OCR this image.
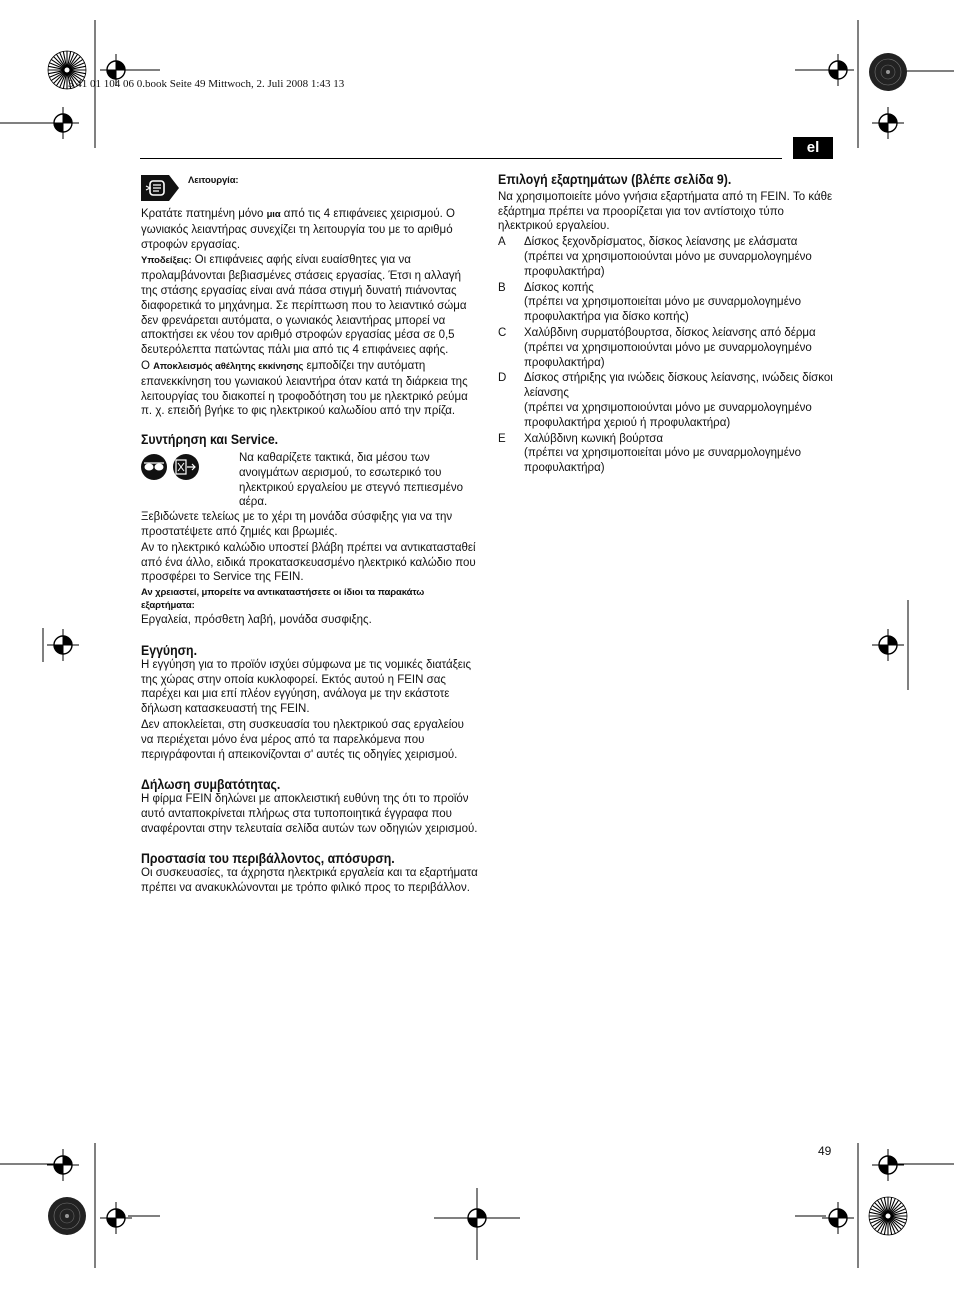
3 41 01 104 06 0.book Seite 49 Mittwoch, 2. Juli 2008 1:43 13
el
Λειτουργία:

Κρατάτε πατημένη μόνο μια από τις 4 επιφάνειες χειρισμού. Ο γωνιακός λειαντήρας συνεχίζει τη λειτουργία του με το αριθμό στροφών εργασίας.

Υποδείξεις: Οι επιφάνειες αφής είναι ευαίσθητες για να προλαμβάνονται βεβιασμένες στάσεις εργασίας. Έτσι η αλλαγή της στάσης εργασίας είναι ανά πάσα στιγμή δυνατή πιάνοντας διαφορετικά το μηχάνημα. Σε περίπτωση που το λειαντικό σώμα δεν φρενάρεται αυτόματα, ο γωνιακός λειαντήρας μπορεί να αποκτήσει εκ νέου τον αριθμό στροφών εργασίας μέσα σε 0,5 δευτερόλεπτα πατώντας πάλι μια από τις 4 επιφάνειες αφής.

Ο Αποκλεισμός αθέλητης εκκίνησης εμποδίζει την αυτόματη επανεκκίνηση του γωνιακού λειαντήρα όταν κατά τη διάρκεια της λειτουργίας του διακοπεί η τροφοδότηση του με ηλεκτρικό ρεύμα π. χ. επειδή βγήκε το φις ηλεκτρικού καλωδίου από την πρίζα.

Συντήρηση και Service.

Να καθαρίζετε τακτικά, δια μέσου των ανοιγμάτων αερισμού, το εσωτερικό του ηλεκτρικού εργαλείου με στεγνό πεπιεσμένο αέρα.

Ξεβιδώνετε τελείως με το χέρι τη μονάδα σύσφιξης για να την προστατέψετε από ζημιές και βρωμιές.

Αν το ηλεκτρικό καλώδιο υποστεί βλάβη πρέπει να αντικατασταθεί από ένα άλλο, ειδικά προκατασκευασμένο ηλεκτρικό καλώδιο που προσφέρει το Service της FEIN.

Αν χρειαστεί, μπορείτε να αντικαταστήσετε οι ίδιοι τα παρακάτω εξαρτήματα:

Εργαλεία, πρόσθετη λαβή, μονάδα συσφιξης.

Εγγύηση.

Η εγγύηση για το προϊόν ισχύει σύμφωνα με τις νομικές διατάξεις της χώρας στην οποία κυκλοφορεί. Εκτός αυτού η FEIN σας παρέχει και μια επί πλέον εγγύηση, ανάλογα με την εκάστοτε δήλωση κατασκευαστή της FEIN.

Δεν αποκλείεται, στη συσκευασία του ηλεκτρικού σας εργαλείου να περιέχεται μόνο ένα μέρος από τα παρελκόμενα που περιγράφονται ή απεικονίζονται σ' αυτές τις οδηγίες χειρισμού.

Δήλωση συμβατότητας.

Η φίρμα FEIN δηλώνει με αποκλειστική ευθύνη της ότι το προϊόν αυτό ανταποκρίνεται πλήρως στα τυποποιητικά έγγραφα που αναφέρονται στην τελευταία σελίδα αυτών των οδηγιών χειρισμού.

Προστασία του περιβάλλοντος, απόσυρση.

Οι συσκευασίες, τα άχρηστα ηλεκτρικά εργαλεία και τα εξαρτήματα πρέπει να ανακυκλώνονται με τρόπο φιλικό προς το περιβάλλον.

Επιλογή εξαρτημάτων (βλέπε σελίδα 9).

Να χρησιμοποιείτε μόνο γνήσια εξαρτήματα από τη FEIN. Το κάθε εξάρτημα πρέπει να προορίζεται για τον αντίστοιχο τύπο ηλεκτρικού εργαλείου.

A	Δίσκος ξεχονδρίσματος, δίσκος λείανσης με ελάσματα
(πρέπει να χρησιμοποιούνται μόνο με συναρμολογημένο προφυλακτήρα)
B	Δίσκος κοπής
(πρέπει να χρησιμοποιείται μόνο με συναρμολογημένο προφυλακτήρα για δίσκο κοπής)
C	Χαλύβδινη συρματόβουρτσα, δίσκος λείανσης από δέρμα
(πρέπει να χρησιμοποιούνται μόνο με συναρμολογημένο προφυλακτήρα)
D	Δίσκος στήριξης για ινώδεις δίσκους λείανσης, ινώδεις δίσκοι λείανσης
(πρέπει να χρησιμοποιούνται μόνο με συναρμολογημένο προφυλακτήρα χεριού ή προφυλακτήρα)
E	Χαλύβδινη κωνική βούρτσα
(πρέπει να χρησιμοποιείται μόνο με συναρμολογημένο προφυλακτήρα)
49
